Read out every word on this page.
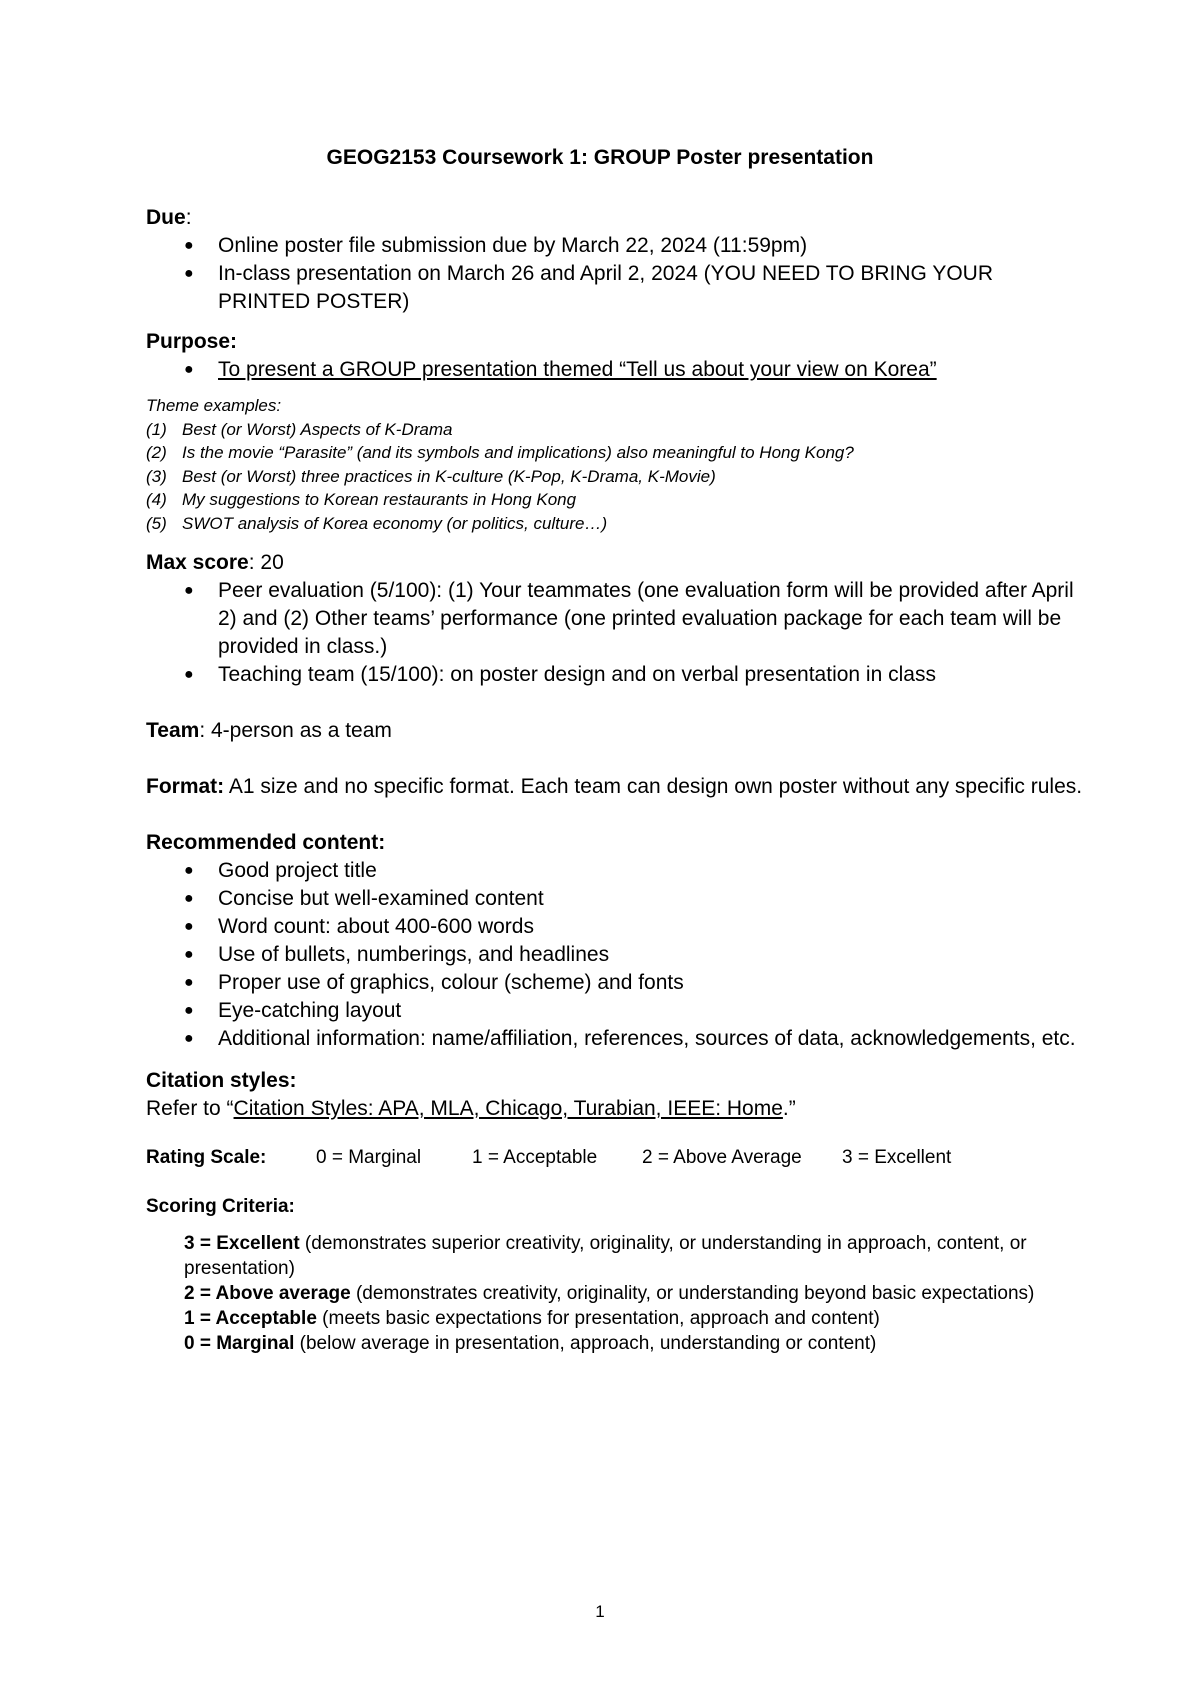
GEOG2153 Coursework 1: GROUP Poster presentation
Due:
● Online poster file submission due by March 22, 2024 (11:59pm)
● In-class presentation on March 26 and April 2, 2024 (YOU NEED TO BRING YOUR PRINTED POSTER)
Purpose:
● To present a GROUP presentation themed “Tell us about your view on Korea”
Theme examples:
(1) Best (or Worst) Aspects of K-Drama
(2) Is the movie “Parasite” (and its symbols and implications) also meaningful to Hong Kong?
(3) Best (or Worst) three practices in K-culture (K-Pop, K-Drama, K-Movie)
(4) My suggestions to Korean restaurants in Hong Kong
(5) SWOT analysis of Korea economy (or politics, culture…)
Max score: 20
● Peer evaluation (5/100): (1) Your teammates (one evaluation form will be provided after April 2) and (2) Other teams’ performance (one printed evaluation package for each team will be provided in class.)
● Teaching team (15/100): on poster design and on verbal presentation in class
Team: 4-person as a team
Format: A1 size and no specific format. Each team can design own poster without any specific rules.
Recommended content:
● Good project title
● Concise but well-examined content
● Word count: about 400-600 words
● Use of bullets, numberings, and headlines
● Proper use of graphics, colour (scheme) and fonts
● Eye-catching layout
● Additional information: name/affiliation, references, sources of data, acknowledgements, etc.
Citation styles:
Refer to “Citation Styles: APA, MLA, Chicago, Turabian, IEEE: Home.”
Rating Scale:	0 = Marginal	1 = Acceptable 2 = Above Average 3 = Excellent
Scoring Criteria:
3 = Excellent (demonstrates superior creativity, originality, or understanding in approach, content, or presentation)
2 = Above average (demonstrates creativity, originality, or understanding beyond basic expectations)
1 = Acceptable (meets basic expectations for presentation, approach and content)
0 = Marginal (below average in presentation, approach, understanding or content)
1
